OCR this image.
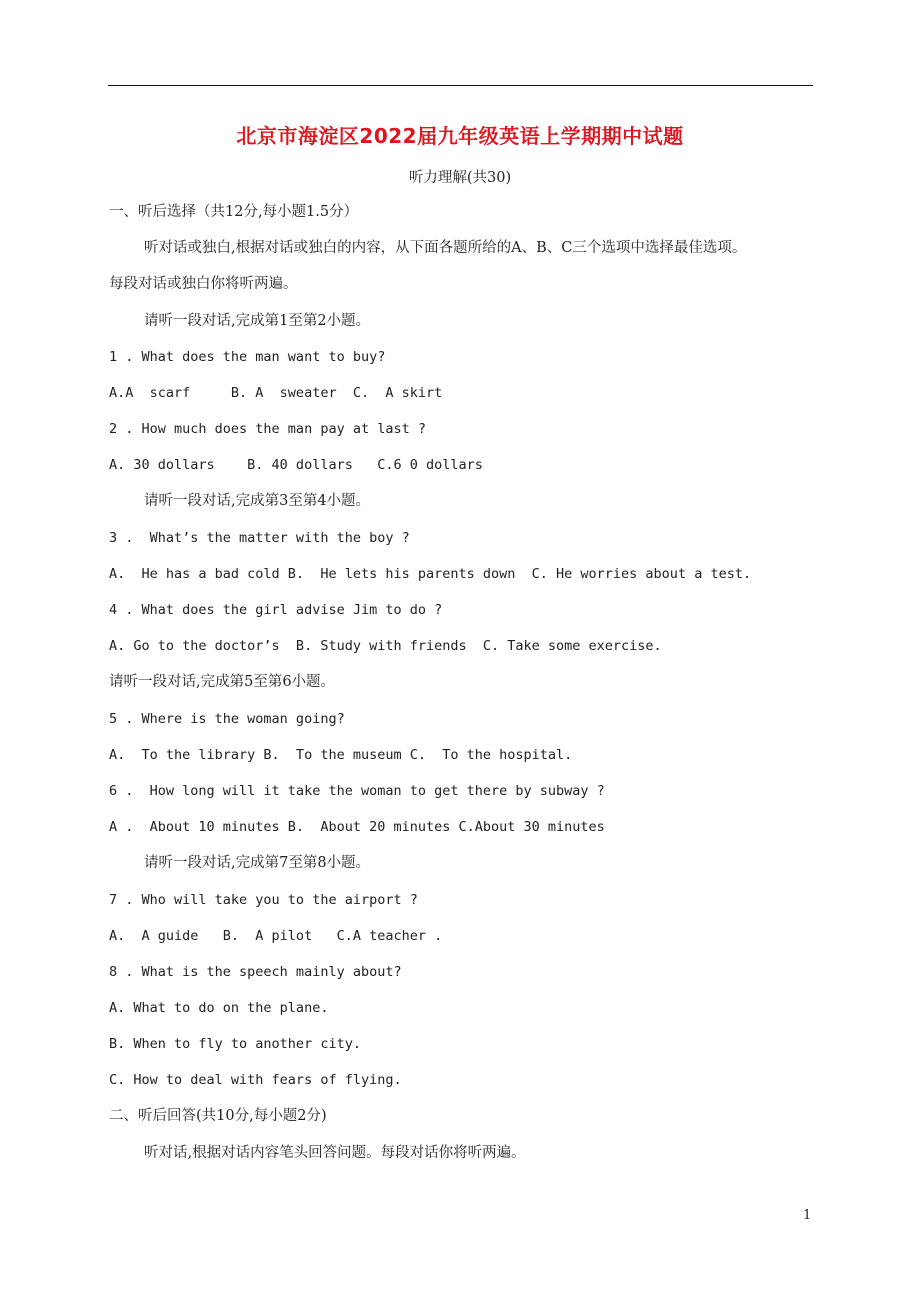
北京市海淀区2022届九年级英语上学期期中试题
听力理解(共30)
一、听后选择（共12分,每小题1.5分）
听对话或独白,根据对话或独白的内容，从下面各题所给的A、B、C三个选项中选择最佳选项。
每段对话或独白你将听两遍。
请听一段对话,完成第1至第2小题。
1 . What does the man want to buy?
A.A  scarf     B. A  sweater  C.  A skirt
2 . How much does the man pay at last ?
A. 30 dollars    B. 40 dollars   C.6 0 dollars
请听一段对话,完成第3至第4小题。
3 .  What’s the matter with the boy ?
A.  He has a bad cold B.  He lets his parents down  C. He worries about a test.
4 . What does the girl advise Jim to do ?
A. Go to the doctor’s  B. Study with friends  C. Take some exercise.
请听一段对话,完成第5至第6小题。
5 . Where is the woman going?
A.  To the library B.  To the museum C.  To the hospital.
6 .  How long will it take the woman to get there by subway ?
A .  About 10 minutes B.  About 20 minutes C.About 30 minutes
请听一段对话,完成第7至第8小题。
7 . Who will take you to the airport ?
A.  A guide   B.  A pilot   C.A teacher .
8 . What is the speech mainly about?
A. What to do on the plane.
B. When to fly to another city.
C. How to deal with fears of flying.
二、听后回答(共10分,每小题2分)
听对话,根据对话内容笔头回答问题。每段对话你将听两遍。
1
